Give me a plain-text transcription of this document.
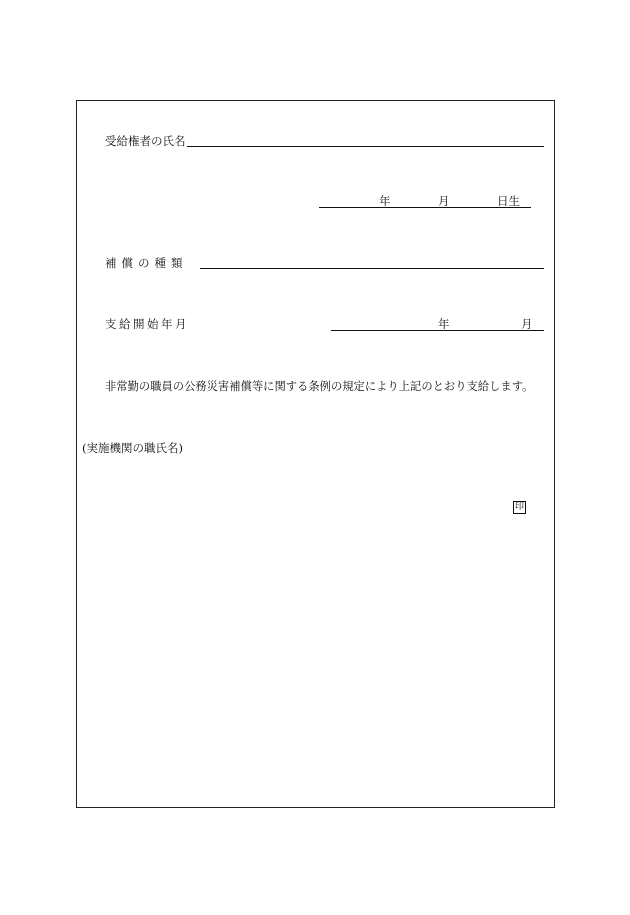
受給権者の氏名
年	月	日生
補償の種類
支給開始年月	年	月
非常勤の職員の公務災害補償等に関する条例の規定により上記のとおり支給します。
(実施機関の職氏名)
印
